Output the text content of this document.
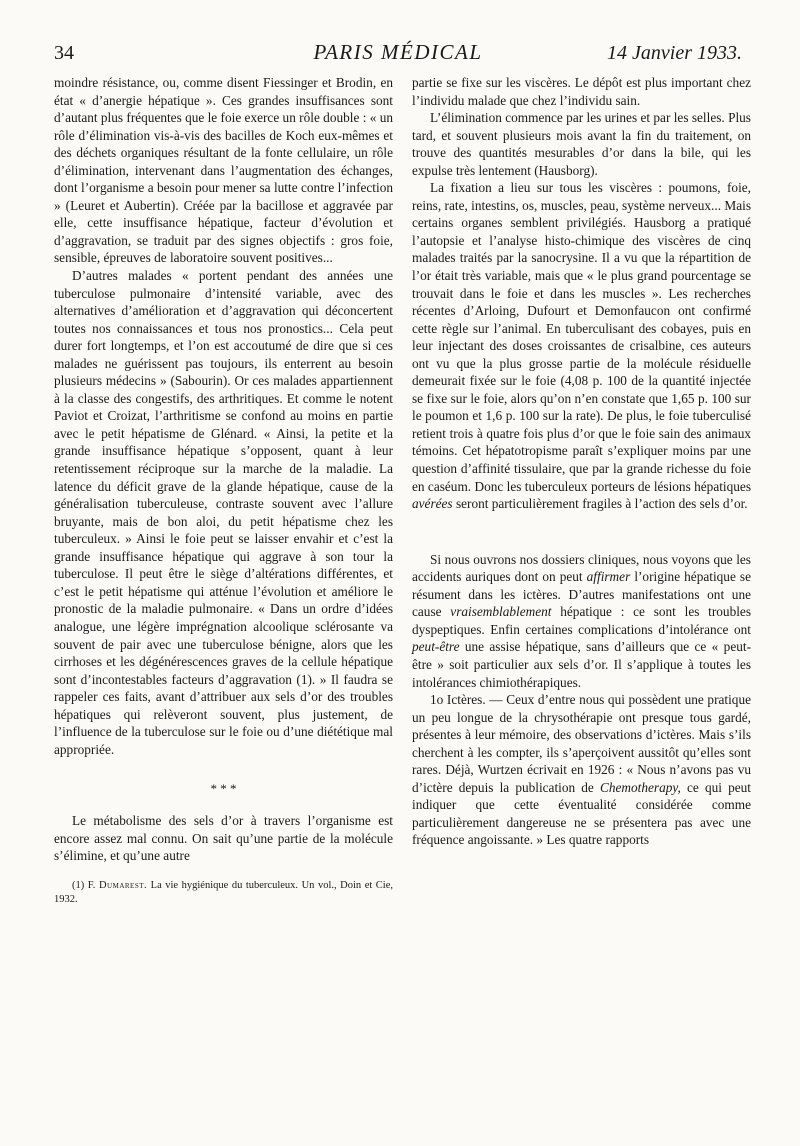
34	PARIS MÉDICAL	14 Janvier 1933.

moindre résistance, ou, comme disent Fiessinger et Brodin, en état « d’anergie hépatique ». Ces grandes insuffisances sont d’autant plus fréquentes que le foie exerce un rôle double : « un rôle d’élimination vis-à-vis des bacilles de Koch eux-mêmes et des déchets organiques résultant de la fonte cellulaire, un rôle d’élimination, intervenant dans l’augmentation des échanges, dont l’organisme a besoin pour mener sa lutte contre l’infection » (Leuret et Aubertin). Créée par la bacillose et aggravée par elle, cette insuffisance hépatique, facteur d’évolution et d’aggravation, se traduit par des signes objectifs : gros foie, sensible, épreuves de laboratoire souvent positives...

D’autres malades « portent pendant des années une tuberculose pulmonaire d’intensité variable, avec des alternatives d’amélioration et d’aggravation qui déconcertent toutes nos connaissances et tous nos pronostics... Cela peut durer fort longtemps, et l’on est accoutumé de dire que si ces malades ne guérissent pas toujours, ils enterrent au besoin plusieurs médecins » (Sabourin). Or ces malades appartiennent à la classe des congestifs, des arthritiques. Et comme le notent Paviot et Croizat, l’arthritisme se confond au moins en partie avec le petit hépatisme de Glénard. « Ainsi, la petite et la grande insuffisance hépatique s’opposent, quant à leur retentissement réciproque sur la marche de la maladie. La latence du déficit grave de la glande hépatique, cause de la généralisation tuberculeuse, contraste souvent avec l’allure bruyante, mais de bon aloi, du petit hépatisme chez les tuberculeux. » Ainsi le foie peut se laisser envahir et c’est la grande insuffisance hépatique qui aggrave à son tour la tuberculose. Il peut être le siège d’altérations différentes, et c’est le petit hépatisme qui atténue l’évolution et améliore le pronostic de la maladie pulmonaire. « Dans un ordre d’idées analogue, une légère imprégnation alcoolique sclérosante va souvent de pair avec une tuberculose bénigne, alors que les cirrhoses et les dégénérescences graves de la cellule hépatique sont d’incontestables facteurs d’aggravation (1). » Il faudra se rappeler ces faits, avant d’attribuer aux sels d’or des troubles hépatiques qui relèveront souvent, plus justement, de l’influence de la tuberculose sur le foie ou d’une diététique mal appropriée.

* * *

Le métabolisme des sels d’or à travers l’organisme est encore assez mal connu. On sait qu’une partie de la molécule s’élimine, et qu’une autre

(1) F. Dumarest. La vie hygiénique du tuberculeux. Un vol., Doin et Cie, 1932.

partie se fixe sur les viscères. Le dépôt est plus important chez l’individu malade que chez l’individu sain.

L’élimination commence par les urines et par les selles. Plus tard, et souvent plusieurs mois avant la fin du traitement, on trouve des quantités mesurables d’or dans la bile, qui les expulse très lentement (Hausborg).

La fixation a lieu sur tous les viscères : poumons, foie, reins, rate, intestins, os, muscles, peau, système nerveux... Mais certains organes semblent privilégiés. Hausborg a pratiqué l’autopsie et l’analyse histo-chimique des viscères de cinq malades traités par la sanocrysine. Il a vu que la répartition de l’or était très variable, mais que « le plus grand pourcentage se trouvait dans le foie et dans les muscles ». Les recherches récentes d’Arloing, Dufourt et Demonfaucon ont confirmé cette règle sur l’animal. En tuberculisant des cobayes, puis en leur injectant des doses croissantes de crisalbine, ces auteurs ont vu que la plus grosse partie de la molécule résiduelle demeurait fixée sur le foie (4,08 p. 100 de la quantité injectée se fixe sur le foie, alors qu’on n’en constate que 1,65 p. 100 sur le poumon et 1,6 p. 100 sur la rate). De plus, le foie tuberculisé retient trois à quatre fois plus d’or que le foie sain des animaux témoins. Cet hépatotropisme paraît s’expliquer moins par une question d’affinité tissulaire, que par la grande richesse du foie en caséum. Donc les tuberculeux porteurs de lésions hépatiques avérées seront particulièrement fragiles à l’action des sels d’or.

Si nous ouvrons nos dossiers cliniques, nous voyons que les accidents auriques dont on peut affirmer l’origine hépatique se résument dans les ictères. D’autres manifestations ont une cause vraisemblablement hépatique : ce sont les troubles dyspeptiques. Enfin certaines complications d’intolérance ont peut-être une assise hépatique, sans d’ailleurs que ce « peut-être » soit particulier aux sels d’or. Il s’applique à toutes les intolérances chimiothérapiques.

1o Ictères. — Ceux d’entre nous qui possèdent une pratique un peu longue de la chrysothérapie ont presque tous gardé, présentes à leur mémoire, des observations d’ictères. Mais s’ils cherchent à les compter, ils s’aperçoivent aussitôt qu’elles sont rares. Déjà, Wurtzen écrivait en 1926 : « Nous n’avons pas vu d’ictère depuis la publication de Chemotherapy, ce qui peut indiquer que cette éventualité considérée comme particulièrement dangereuse ne se présentera pas avec une fréquence angoissante. » Les quatre rapports
